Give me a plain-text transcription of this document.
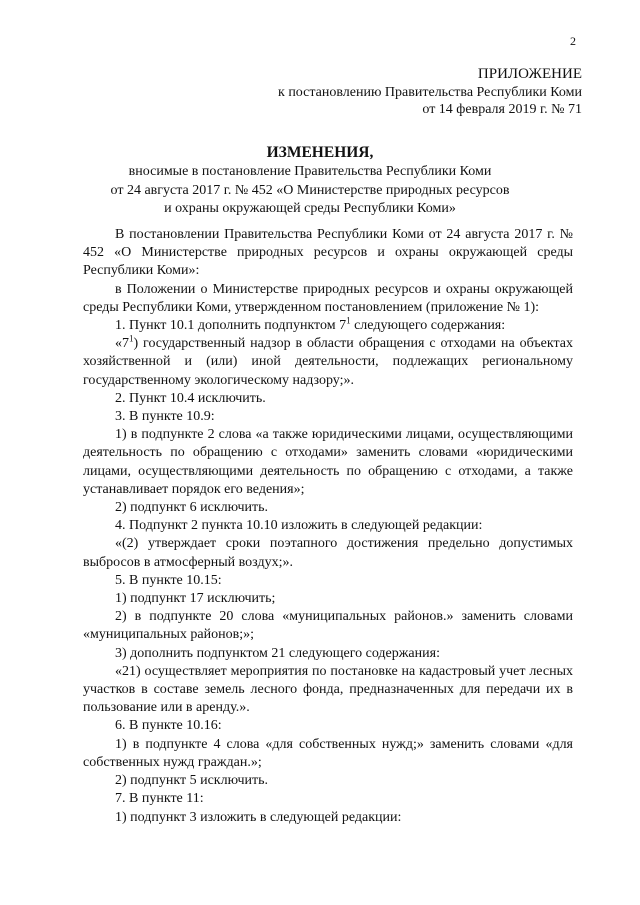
2
ПРИЛОЖЕНИЕ
к постановлению Правительства Республики Коми
от 14 февраля 2019 г. № 71
ИЗМЕНЕНИЯ,
вносимые в постановление Правительства Республики Коми
от 24 августа 2017 г. № 452 «О Министерстве природных ресурсов
и охраны окружающей среды Республики Коми»

В постановлении Правительства Республики Коми от 24 августа 2017 г. № 452 «О Министерстве природных ресурсов и охраны окружающей среды Республики Коми»:

в Положении о Министерстве природных ресурсов и охраны окружающей среды Республики Коми, утвержденном постановлением (приложение № 1):

1. Пункт 10.1 дополнить подпунктом $7^1$ следующего содержания:

«$7^1$) государственный надзор в области обращения с отходами на объектах хозяйственной и (или) иной деятельности, подлежащих региональному государственному экологическому надзору;».

2. Пункт 10.4 исключить.

3. В пункте 10.9:

1) в подпункте 2 слова «а также юридическими лицами, осуществляющими деятельность по обращению с отходами» заменить словами «юридическими лицами, осуществляющими деятельность по обращению с отходами, а также устанавливает порядок его ведения»;

2) подпункт 6 исключить.

4. Подпункт 2 пункта 10.10 изложить в следующей редакции:

«(2) утверждает сроки поэтапного достижения предельно допустимых выбросов в атмосферный воздух;».

5. В пункте 10.15:

1) подпункт 17 исключить;

2) в подпункте 20 слова «муниципальных районов.» заменить словами «муниципальных районов;»;

3) дополнить подпунктом 21 следующего содержания:

«21) осуществляет мероприятия по постановке на кадастровый учет лесных участков в составе земель лесного фонда, предназначенных для передачи их в пользование или в аренду.».

6. В пункте 10.16:

1) в подпункте 4 слова «для собственных нужд;» заменить словами «для собственных нужд граждан.»;

2) подпункт 5 исключить.

7. В пункте 11:

1) подпункт 3 изложить в следующей редакции:
